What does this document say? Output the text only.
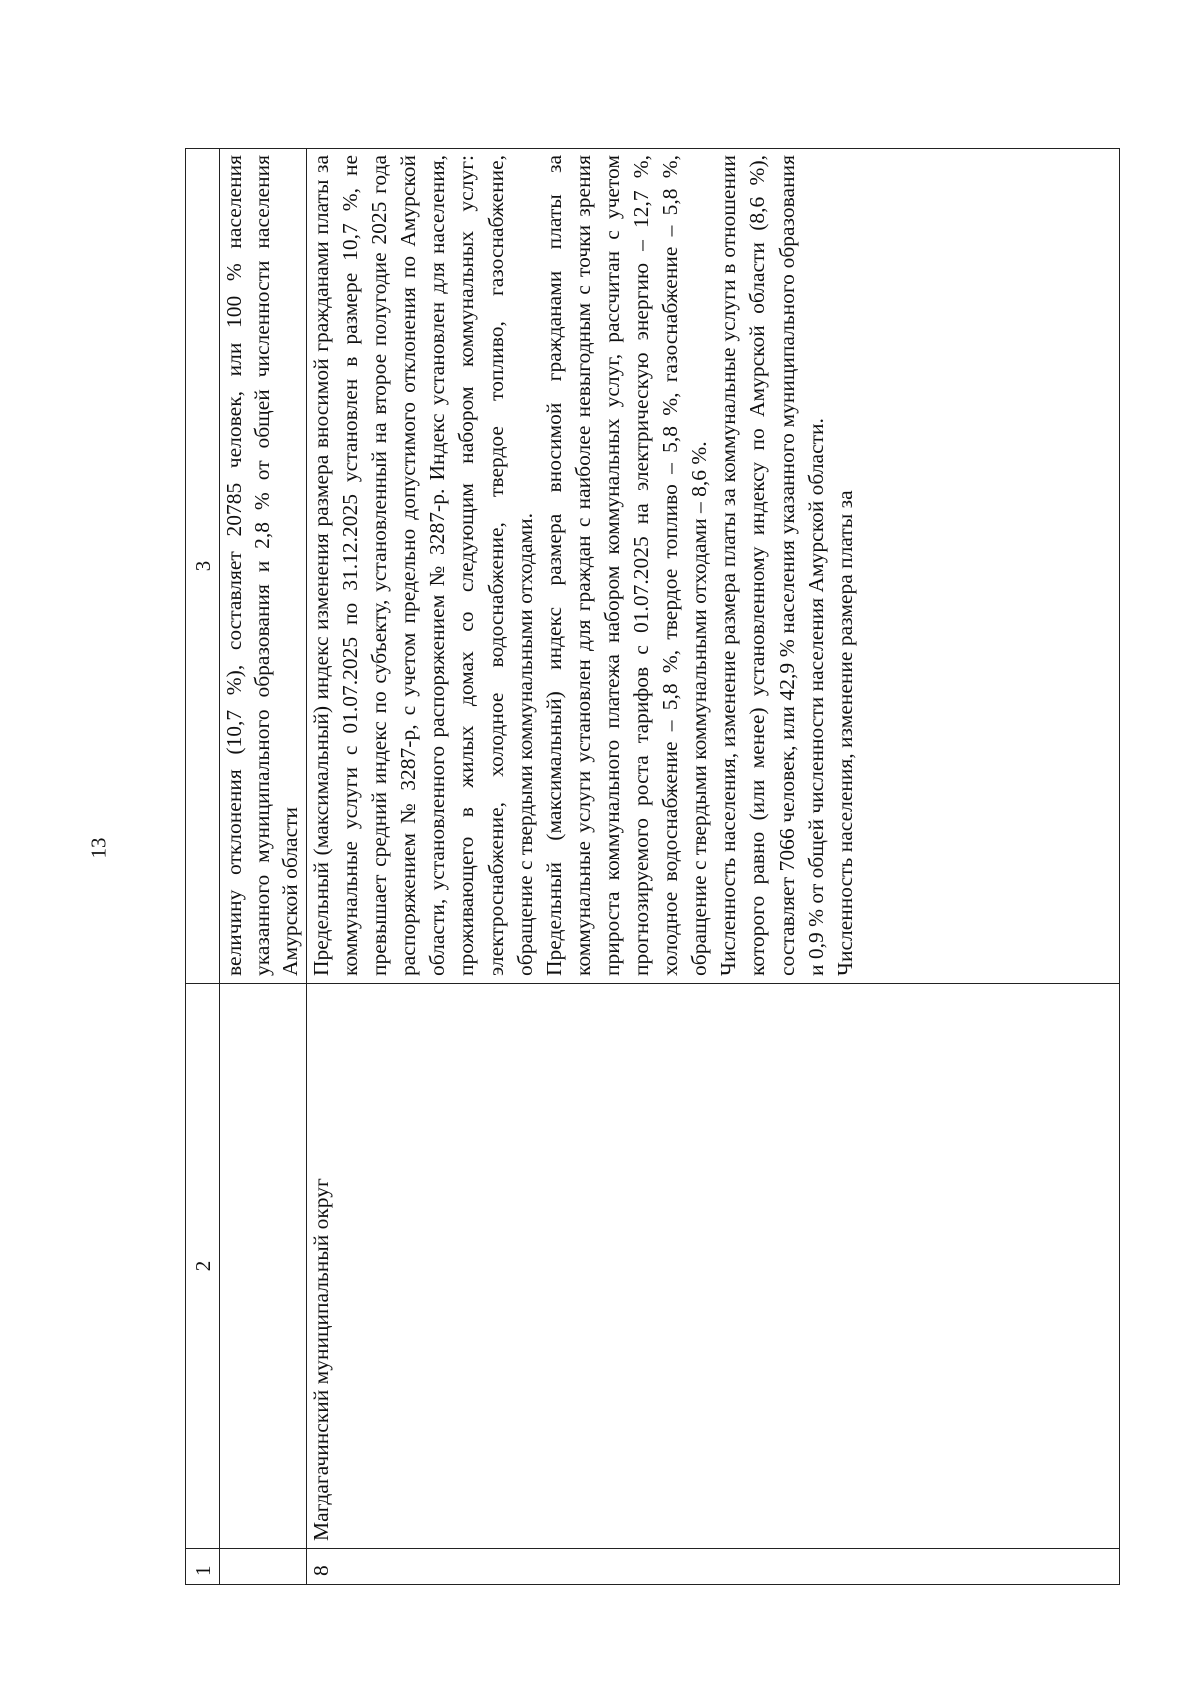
13
1	2	3
		величину отклонения (10,7 %), составляет 20785 человек, или 100 % населения указанного муниципального образования и 2,8 % от общей численности населения Амурской области
8	Магдагачинский муниципальный округ	Предельный (максимальный) индекс изменения размера вносимой гражданами платы за коммунальные услуги с 01.07.2025 по 31.12.2025 установлен в размере 10,7 %, не превышает средний индекс по субъекту, установленный на второе полугодие 2025 года распоряжением № 3287-р, с учетом предельно допустимого отклонения по Амурской области, установленного распоряжением № 3287-р. Индекс установлен для населения, проживающего в жилых домах со следующим набором коммунальных услуг: электроснабжение, холодное водоснабжение, твердое топливо, газоснабжение, обращение с твердыми коммунальными отходами. Предельный (максимальный) индекс размера вносимой гражданами платы за коммунальные услуги установлен для граждан с наиболее невыгодным с точки зрения прироста коммунального платежа набором коммунальных услуг, рассчитан с учетом прогнозируемого роста тарифов с 01.07.2025 на электрическую энергию – 12,7 %, холодное водоснабжение – 5,8 %, твердое топливо – 5,8 %, газоснабжение – 5,8 %, обращение с твердыми коммунальными отходами – 8,6 %. Численность населения, изменение размера платы за коммунальные услуги в отношении которого равно (или менее) установленному индексу по Амурской области (8,6 %), составляет 7066 человек, или 42,9 % населения указанного муниципального образования и 0,9 % от общей численности населения Амурской области. Численность населения, изменение размера платы за
